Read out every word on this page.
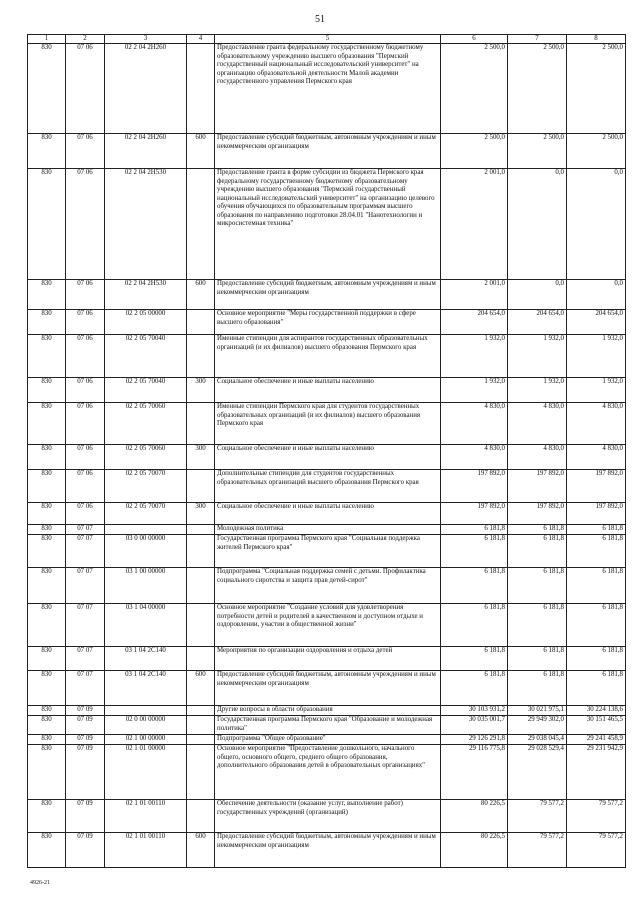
51
1	2	3	4	5	6	7	8
830	07 06	02 2 04 2Н260		Предоставление гранта федеральному государственному бюджетному образовательному учреждению высшего образования "Пермский государственный национальный исследовательский университет" на организацию образовательной деятельности Малой академии государственного управления Пермского края	2 500,0	2 500,0	2 500,0
830	07 06	02 2 04 2Н260	600	Предоставление субсидий бюджетным, автономным учреждениям и иным некоммерческим организациям	2 500,0	2 500,0	2 500,0
830	07 06	02 2 04 2Н530		Предоставление гранта в форме субсидии из бюджета Пермского края федеральному государственному бюджетному образовательному учреждению высшего образования "Пермский государственный национальный исследовательский университет" на организацию целевого обучения обучающихся по образовательным программам высшего образования по направлению подготовки 28.04.01 "Нанотехнологии и микросистемная техника"	2 001,0	0,0	0,0
830	07 06	02 2 04 2Н530	600	Предоставление субсидий бюджетным, автономным учреждениям и иным некоммерческим организациям	2 001,0	0,0	0,0
830	07 06	02 2 05 00000		Основное мероприятие "Меры государственной поддержки в сфере высшего образования"	204 654,0	204 654,0	204 654,0
830	07 06	02 2 05 70040		Именные стипендии для аспирантов государственных образовательных организаций (и их филиалов) высшего образования Пермского края	1 932,0	1 932,0	1 932,0
830	07 06	02 2 05 70040	300	Социальное обеспечение и иные выплаты населению	1 932,0	1 932,0	1 932,0
830	07 06	02 2 05 70060		Именные стипендии Пермского края для студентов государственных образовательных организаций (и их филиалов) высшего образования Пермского края	4 830,0	4 830,0	4 830,0
830	07 06	02 2 05 70060	300	Социальное обеспечение и иные выплаты населению	4 830,0	4 830,0	4 830,0
830	07 06	02 2 05 70070		Дополнительные стипендии для студентов государственных образовательных организаций высшего образования Пермского края	197 892,0	197 892,0	197 892,0
830	07 06	02 2 05 70070	300	Социальное обеспечение и иные выплаты населению	197 892,0	197 892,0	197 892,0
830	07 07			Молодежная политика	6 181,8	6 181,8	6 181,8
830	07 07	03 0 00 00000		Государственная программа Пермского края "Социальная поддержка жителей Пермского края"	6 181,8	6 181,8	6 181,8
830	07 07	03 1 00 00000		Подпрограмма "Социальная поддержка семей с детьми. Профилактика социального сиротства и защита прав детей-сирот"	6 181,8	6 181,8	6 181,8
830	07 07	03 1 04 00000		Основное мероприятие "Создание условий для удовлетворения потребности детей и родителей в качественном и доступном отдыхе и оздоровлении, участии в общественной жизни"	6 181,8	6 181,8	6 181,8
830	07 07	03 1 04 2С140		Мероприятия по организации оздоровления и отдыха детей	6 181,8	6 181,8	6 181,8
830	07 07	03 1 04 2С140	600	Предоставление субсидий бюджетным, автономным учреждениям и иным некоммерческим организациям	6 181,8	6 181,8	6 181,8
830	07 09			Другие вопросы в области образования	30 103 931,2	30 021 975,1	30 224 138,6
830	07 09	02 0 00 00000		Государственная программа Пермского края "Образование и молодежная политика"	30 035 001,7	29 949 302,0	30 151 465,5
830	07 09	02 1 00 00000		Подпрограмма "Общее образование"	29 126 291,8	29 038 045,4	29 241 458,9
830	07 09	02 1 01 00000		Основное мероприятие "Предоставление дошкольного, начального общего, основного общего, среднего общего образования, дополнительного образования детей в образовательных организациях"	29 116 775,8	29 028 529,4	29 231 942,9
830	07 09	02 1 01 00110		Обеспечение деятельности (оказание услуг, выполнение работ) государственных учреждений (организаций)	80 226,5	79 577,2	79 577,2
830	07 09	02 1 01 00110	600	Предоставление субсидий бюджетным, автономным учреждениям и иным некоммерческим организациям	80 226,5	79 577,2	79 577,2
4926-21
